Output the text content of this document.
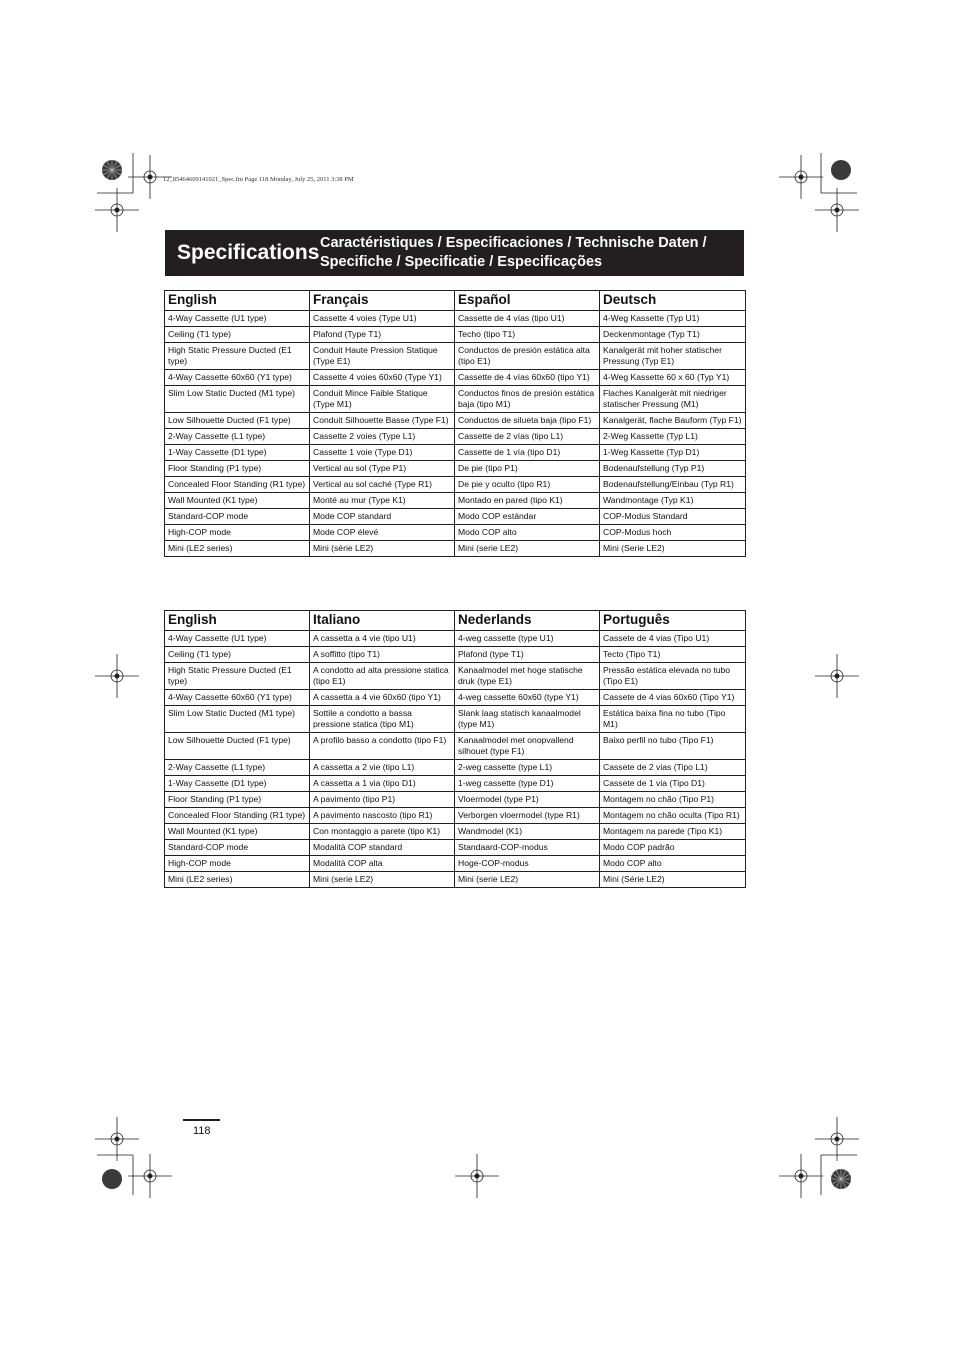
12_85464609141021_Spec.fm Page 118 Monday, July 25, 2011 3:38 PM
Specifications Caractéristiques / Especificaciones / Technische Daten /
Specifiche / Specificatie / Especificações
English	Français	Español	Deutsch
4-Way Cassette (U1 type)	Cassette 4 voies (Type U1)	Cassette de 4 vías (tipo U1)	4-Weg Kassette (Typ U1)
Ceiling (T1 type)	Plafond (Type T1)	Techo (tipo T1)	Deckenmontage (Typ T1)
High Static Pressure Ducted (E1 type)	Conduit Haute Pression Statique (Type E1)	Conductos de presión estática alta (tipo E1)	Kanalgerät mit hoher statischer Pressung (Typ E1)
4-Way Cassette 60x60 (Y1 type)	Cassette 4 voies 60x60 (Type Y1)	Cassette de 4 vías 60x60 (tipo Y1)	4-Weg Kassette 60 x 60 (Typ Y1)
Slim Low Static Ducted (M1 type)	Conduit Mince Faible Statique (Type M1)	Conductos finos de presión estática baja (tipo M1)	Flaches Kanalgerät mit niedriger statischer Pressung (M1)
Low Silhouette Ducted (F1 type)	Conduit Silhouette Basse (Type F1)	Conductos de silueta baja (tipo F1)	Kanalgerät, flache Bauform (Typ F1)
2-Way Cassette (L1 type)	Cassette 2 voies (Type L1)	Cassette de 2 vías (tipo L1)	2-Weg Kassette (Typ L1)
1-Way Cassette (D1 type)	Cassette 1 voie (Type D1)	Cassette de 1 vía (tipo D1)	1-Weg Kassette (Typ D1)
Floor Standing (P1 type)	Vertical au sol (Type P1)	De pie (tipo P1)	Bodenaufstellung (Typ P1)
Concealed Floor Standing (R1 type)	Vertical au sol caché (Type R1)	De pie y oculto (tipo R1)	Bodenaufstellung/Einbau (Typ R1)
Wall Mounted (K1 type)	Monté au mur (Type K1)	Montado en pared (tipo K1)	Wandmontage (Typ K1)
Standard-COP mode	Mode COP standard	Modo COP estándar	COP-Modus Standard
High-COP mode	Mode COP élevé	Modo COP alto	COP-Modus hoch
Mini (LE2 series)	Mini (série LE2)	Mini (serie LE2)	Mini (Serie LE2)
English	Italiano	Nederlands	Português
4-Way Cassette (U1 type)	A cassetta a 4 vie (tipo U1)	4-weg cassette (type U1)	Cassete de 4 vias (Tipo U1)
Ceiling (T1 type)	A soffitto (tipo T1)	Plafond (type T1)	Tecto (Tipo T1)
High Static Pressure Ducted (E1 type)	A condotto ad alta pressione statica (tipo E1)	Kanaalmodel met hoge statische druk (type E1)	Pressão estática elevada no tubo (Tipo E1)
4-Way Cassette 60x60 (Y1 type)	A cassetta a 4 vie 60x60 (tipo Y1)	4-weg cassette 60x60 (type Y1)	Cassete de 4 vias 60x60 (Tipo Y1)
Slim Low Static Ducted (M1 type)	Sottile a condotto a bassa pressione statica (tipo M1)	Slank laag statisch kanaalmodel (type M1)	Estática baixa fina no tubo (Tipo M1)
Low Silhouette Ducted (F1 type)	A profilo basso a condotto (tipo F1)	Kanaalmodel met onopvallend silhouet (type F1)	Baixo perfil no tubo (Tipo F1)
2-Way Cassette (L1 type)	A cassetta a 2 vie (tipo L1)	2-weg cassette (type L1)	Cassete de 2 vias (Tipo L1)
1-Way Cassette (D1 type)	A cassetta a 1 via (tipo D1)	1-weg cassette (type D1)	Cassete de 1 via (Tipo D1)
Floor Standing (P1 type)	A pavimento (tipo P1)	Vloermodel (type P1)	Montagem no chão (Tipo P1)
Concealed Floor Standing (R1 type)	A pavimento nascosto (tipo R1)	Verborgen vloermodel (type R1)	Montagem no chão oculta (Tipo R1)
Wall Mounted (K1 type)	Con montaggio a parete (tipo K1)	Wandmodel (K1)	Montagem na parede (Tipo K1)
Standard-COP mode	Modalità COP standard	Standaard-COP-modus	Modo COP padrão
High-COP mode	Modalità COP alta	Hoge-COP-modus	Modo COP alto
Mini (LE2 series)	Mini (serie LE2)	Mini (serie LE2)	Mini (Série LE2)
118
